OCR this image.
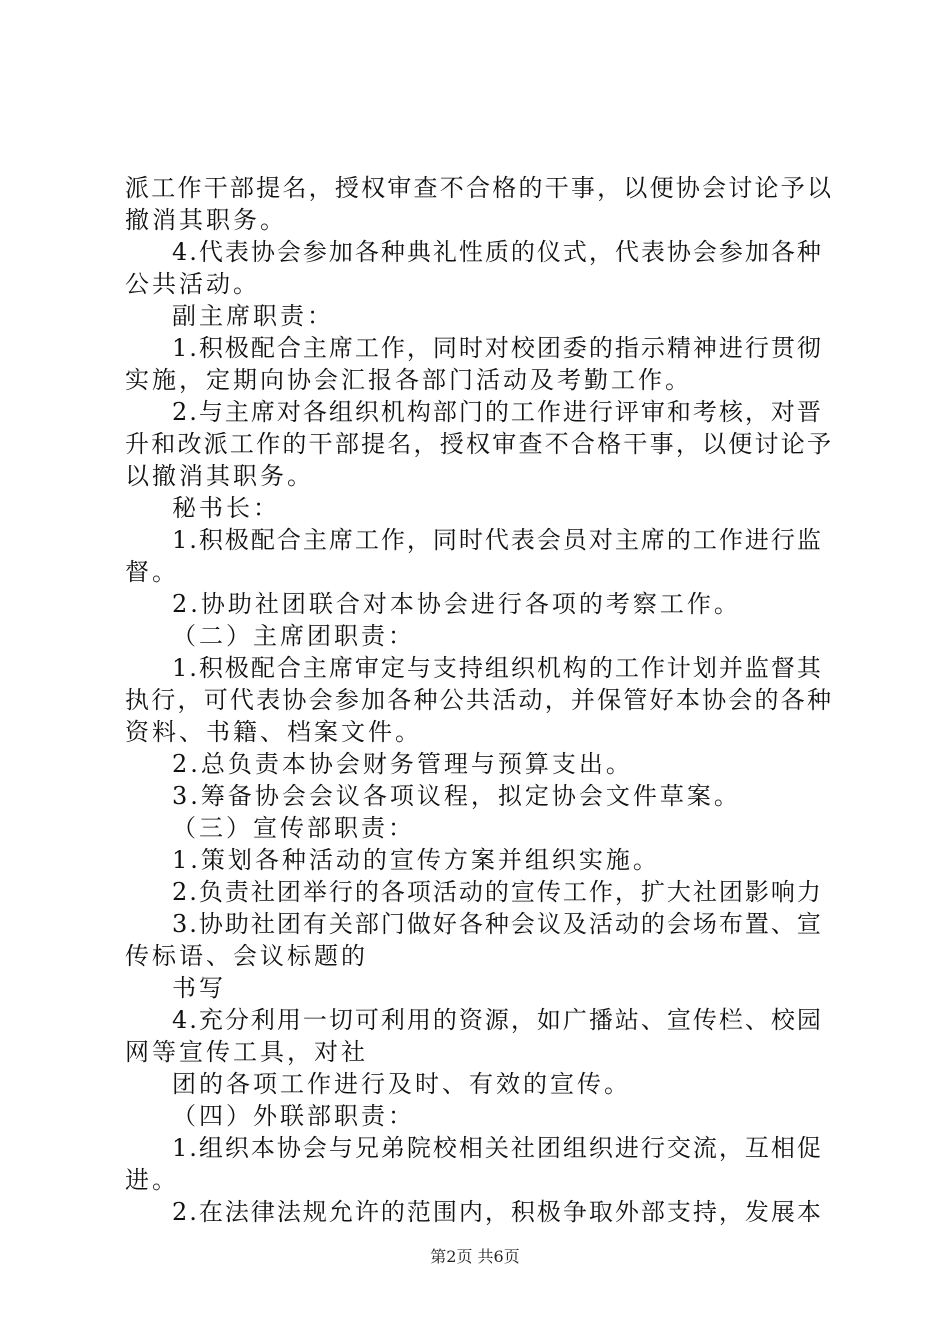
派工作干部提名，授权审查不合格的干事，以便协会讨论予以
撤消其职务。
4.代表协会参加各种典礼性质的仪式，代表协会参加各种
公共活动。
副主席职责：
1.积极配合主席工作，同时对校团委的指示精神进行贯彻
实施，定期向协会汇报各部门活动及考勤工作。
2.与主席对各组织机构部门的工作进行评审和考核，对晋
升和改派工作的干部提名，授权审查不合格干事，以便讨论予
以撤消其职务。
秘书长：
1.积极配合主席工作，同时代表会员对主席的工作进行监
督。
2.协助社团联合对本协会进行各项的考察工作。
（二）主席团职责：
1.积极配合主席审定与支持组织机构的工作计划并监督其
执行，可代表协会参加各种公共活动，并保管好本协会的各种
资料、书籍、档案文件。
2.总负责本协会财务管理与预算支出。
3.筹备协会会议各项议程，拟定协会文件草案。
（三）宣传部职责：
1.策划各种活动的宣传方案并组织实施。
2.负责社团举行的各项活动的宣传工作，扩大社团影响力
3.协助社团有关部门做好各种会议及活动的会场布置、宣
传标语、会议标题的
书写
4.充分利用一切可利用的资源，如广播站、宣传栏、校园
网等宣传工具，对社
团的各项工作进行及时、有效的宣传。
（四）外联部职责：
1.组织本协会与兄弟院校相关社团组织进行交流，互相促
进。
2.在法律法规允许的范围内，积极争取外部支持，发展本
第2页 共6页
